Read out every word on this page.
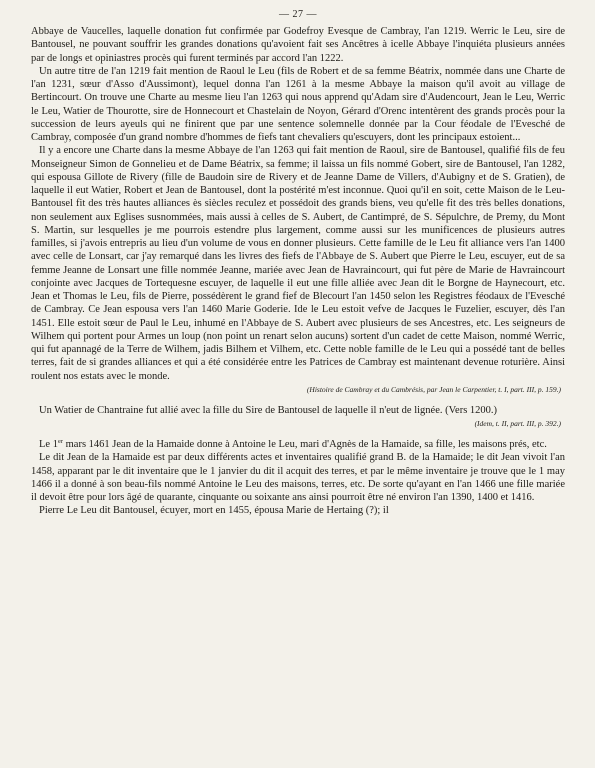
— 27 —

Abbaye de Vaucelles, laquelle donation fut confirmée par Godefroy Evesque de Cambray, l'an 1219. Werric le Leu, sire de Bantousel, ne pouvant souffrir les grandes donations qu'avoient fait ses Ancêtres à icelle Abbaye l'inquiéta plusieurs années par de longs et opiniastres procès qui furent terminés par accord l'an 1222.

Un autre titre de l'an 1219 fait mention de Raoul le Leu (fils de Robert et de sa femme Béatrix, nommée dans une Charte de l'an 1231, sœur d'Asso d'Aussimont), lequel donna l'an 1261 à la mesme Abbaye la maison qu'il avoit au village de Bertincourt. On trouve une Charte au mesme lieu l'an 1263 qui nous apprend qu'Adam sire d'Audencourt, Jean le Leu, Werric le Leu, Watier de Thourotte, sire de Honnecourt et Chastelain de Noyon, Gérard d'Orenc intentèrent des grands procès pour la succession de leurs ayeuls qui ne finirent que par une sentence solemnelle donnée par la Cour féodale de l'Evesché de Cambray, composée d'un grand nombre d'hommes de fiefs tant chevaliers qu'escuyers, dont les principaux estoient...

Il y a encore une Charte dans la mesme Abbaye de l'an 1263 qui fait mention de Raoul, sire de Bantousel, qualifié fils de feu Monseigneur Simon de Gonnelieu et de Dame Béatrix, sa femme; il laissa un fils nommé Gobert, sire de Bantousel, l'an 1282, qui espousa Gillote de Rivery (fille de Baudoin sire de Rivery et de Jeanne Dame de Villers, d'Aubigny et de S. Gratien), de laquelle il eut Watier, Robert et Jean de Bantousel, dont la postérité m'est inconnue. Quoi qu'il en soit, cette Maison de le Leu-Bantousel fit des très hautes alliances ès siècles reculez et possédoit des grands biens, veu qu'elle fit des très belles donations, non seulement aux Eglises susnommées, mais aussi à celles de S. Aubert, de Cantimpré, de S. Sépulchre, de Premy, du Mont S. Martin, sur lesquelles je me pourrois estendre plus largement, comme aussi sur les munificences de plusieurs autres familles, si j'avois entrepris au lieu d'un volume de vous en donner plusieurs. Cette famille de le Leu fit alliance vers l'an 1400 avec celle de Lonsart, car j'ay remarqué dans les livres des fiefs de l'Abbaye de S. Aubert que Pierre le Leu, escuyer, eut de sa femme Jeanne de Lonsart une fille nommée Jeanne, mariée avec Jean de Havraincourt, qui fut père de Marie de Havraincourt conjointe avec Jacques de Tortequesne escuyer, de laquelle il eut une fille alliée avec Jean dit le Borgne de Haynecourt, etc. Jean et Thomas le Leu, fils de Pierre, possédèrent le grand fief de Blecourt l'an 1450 selon les Registres féodaux de l'Evesché de Cambray. Ce Jean espousa vers l'an 1460 Marie Goderie. Ide le Leu estoit vefve de Jacques le Fuzelier, escuyer, dès l'an 1451. Elle estoit sœur de Paul le Leu, inhumé en l'Abbaye de S. Aubert avec plusieurs de ses Ancestres, etc. Les seigneurs de Wilhem qui portent pour Armes un loup (non point un renart selon aucuns) sortent d'un cadet de cette Maison, nommé Werric, qui fut apannagé de la Terre de Wilhem, jadis Bilhem et Vilhem, etc. Cette noble famille de le Leu qui a possédé tant de belles terres, fait de si grandes alliances et qui a été considérée entre les Patrices de Cambray est maintenant devenue roturière. Ainsi roulent nos estats avec le monde.

(Histoire de Cambray et du Cambrésis, par Jean le Carpentier, t. I, part. III, p. 159.)

Un Watier de Chantraine fut allié avec la fille du Sire de Bantousel de laquelle il n'eut de lignée. (Vers 1200.)

(Idem, t. II, part. III, p. 392.)

Le 1er mars 1461 Jean de la Hamaide donne à Antoine le Leu, mari d'Agnès de la Hamaide, sa fille, les maisons prés, etc.

Le dit Jean de la Hamaide est par deux différents actes et inventaires qualifié grand B. de la Hamaide; le dit Jean vivoit l'an 1458, apparant par le dit inventaire que le 1 janvier du dit il acquit des terres, et par le même inventaire je trouve que le 1 may 1466 il a donné à son beau-fils nommé Antoine le Leu des maisons, terres, etc. De sorte qu'ayant en l'an 1466 une fille mariée il devoit être pour lors âgé de quarante, cinquante ou soixante ans ainsi pourroit être né environ l'an 1390, 1400 et 1416.

Pierre Le Leu dit Bantousel, écuyer, mort en 1455, épousa Marie de Hertaing (?); il
